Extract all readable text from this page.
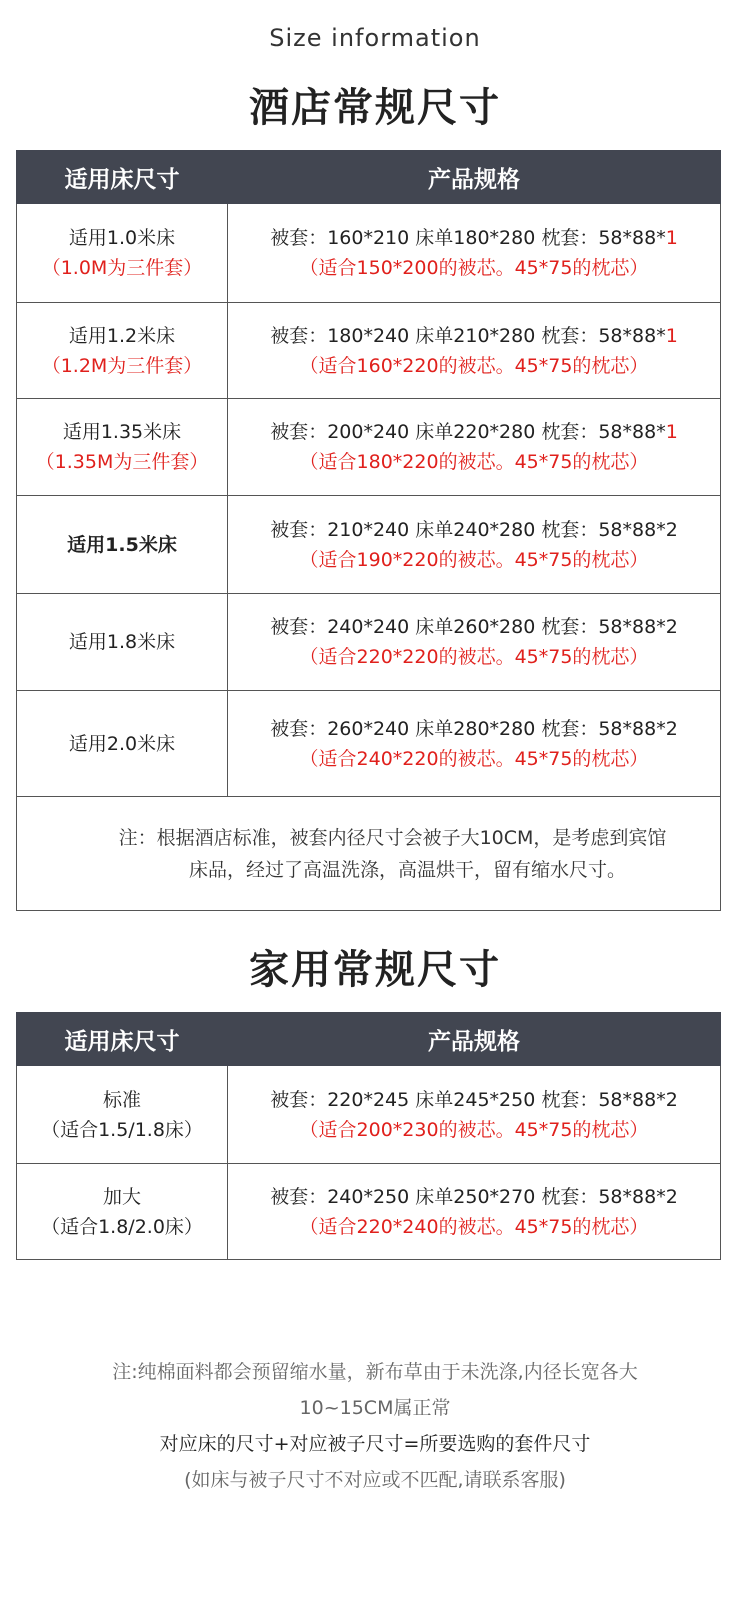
Size information
酒店常规尺寸
适用床尺寸	产品规格

适用1.0米床
（1.0M为三件套）	被套：160*210 床单180*280 枕套：58*88*1
（适合150*200的被芯。45*75的枕芯）

适用1.2米床
（1.2M为三件套）	被套：180*240 床单210*280 枕套：58*88*1
（适合160*220的被芯。45*75的枕芯）

适用1.35米床
（1.35M为三件套）	被套：200*240 床单220*280 枕套：58*88*1
（适合180*220的被芯。45*75的枕芯）

适用1.5米床	被套：210*240 床单240*280 枕套：58*88*2
（适合190*220的被芯。45*75的枕芯）

适用1.8米床	被套：240*240 床单260*280 枕套：58*88*2
（适合220*220的被芯。45*75的枕芯）

适用2.0米床	被套：260*240 床单280*280 枕套：58*88*2
（适合240*220的被芯。45*75的枕芯）

注：根据酒店标准，被套内径尺寸会被子大10CM，是考虑到宾馆
床品，经过了高温洗涤，高温烘干，留有缩水尺寸。	
家用常规尺寸
适用床尺寸	产品规格

标准
（适合1.5/1.8床）	被套：220*245 床单245*250 枕套：58*88*2
（适合200*230的被芯。45*75的枕芯）

加大
（适合1.8/2.0床）	被套：240*250 床单250*270 枕套：58*88*2
（适合220*240的被芯。45*75的枕芯）
注:纯棉面料都会预留缩水量，新布草由于未洗涤,内径长宽各大
10~15CM属正常
对应床的尺寸+对应被子尺寸=所要选购的套件尺寸
(如床与被子尺寸不对应或不匹配,请联系客服)
